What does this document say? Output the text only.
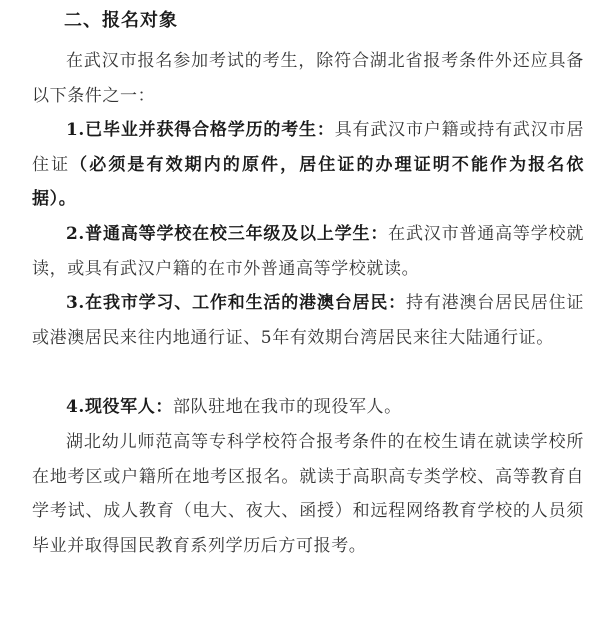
二、报名对象

在武汉市报名参加考试的考生，除符合湖北省报考条件外还应具备以下条件之一：

1.已毕业并获得合格学历的考生：具有武汉市户籍或持有武汉市居住证（必须是有效期内的原件，居住证的办理证明不能作为报名依据）。

2.普通高等学校在校三年级及以上学生：在武汉市普通高等学校就读，或具有武汉户籍的在市外普通高等学校就读。

3.在我市学习、工作和生活的港澳台居民：持有港澳台居民居住证或港澳居民来往内地通行证、5年有效期台湾居民来往大陆通行证。

4.现役军人：部队驻地在我市的现役军人。

湖北幼儿师范高等专科学校符合报考条件的在校生请在就读学校所在地考区或户籍所在地考区报名。就读于高职高专类学校、高等教育自学考试、成人教育（电大、夜大、函授）和远程网络教育学校的人员须毕业并取得国民教育系列学历后方可报考。
